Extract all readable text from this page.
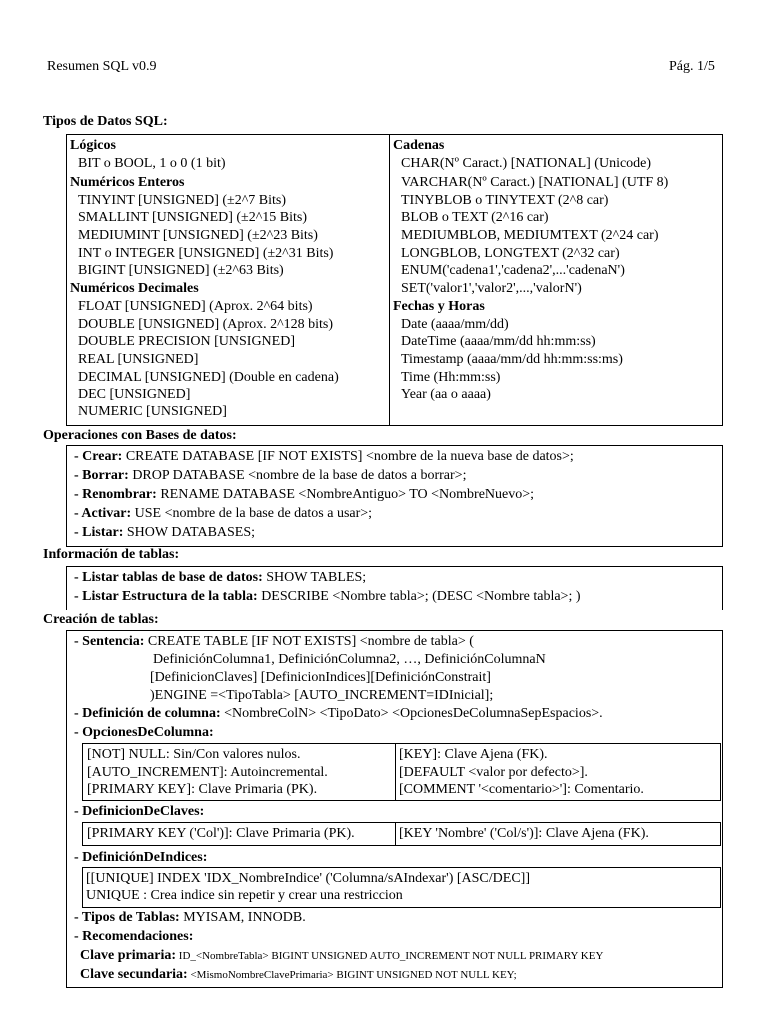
Resumen SQL v0.9	Pág. 1/5
Tipos de Datos SQL:
Lógicos
BIT o BOOL, 1 o 0 (1 bit)
Numéricos Enteros
TINYINT [UNSIGNED] (±2^7 Bits)
SMALLINT [UNSIGNED] (±2^15 Bits)
MEDIUMINT [UNSIGNED] (±2^23 Bits)
INT o INTEGER [UNSIGNED] (±2^31 Bits)
BIGINT [UNSIGNED] (±2^63 Bits)
Numéricos Decimales
FLOAT [UNSIGNED] (Aprox. 2^64 bits)
DOUBLE [UNSIGNED] (Aprox. 2^128 bits)
DOUBLE PRECISION [UNSIGNED]
REAL [UNSIGNED]
DECIMAL [UNSIGNED] (Double en cadena)
DEC [UNSIGNED]
NUMERIC [UNSIGNED]
Cadenas
CHAR(Nº Caract.) [NATIONAL] (Unicode)
VARCHAR(Nº Caract.) [NATIONAL] (UTF 8)
TINYBLOB o TINYTEXT (2^8 car)
BLOB o TEXT (2^16 car)
MEDIUMBLOB, MEDIUMTEXT (2^24 car)
LONGBLOB, LONGTEXT (2^32 car)
ENUM('cadena1','cadena2',...'cadenaN')
SET('valor1','valor2',...,'valorN')
Fechas y Horas
Date (aaaa/mm/dd)
DateTime (aaaa/mm/dd hh:mm:ss)
Timestamp (aaaa/mm/dd hh:mm:ss:ms)
Time (Hh:mm:ss)
Year (aa o aaaa)
Operaciones con Bases de datos:
- Crear: CREATE DATABASE [IF NOT EXISTS] <nombre de la nueva base de datos>;
- Borrar: DROP DATABASE <nombre de la base de datos a borrar>;
- Renombrar: RENAME DATABASE <NombreAntiguo> TO <NombreNuevo>;
- Activar: USE <nombre de la base de datos a usar>;
- Listar: SHOW DATABASES;
Información de tablas:
- Listar tablas de base de datos: SHOW TABLES;
- Listar Estructura de la tabla: DESCRIBE <Nombre tabla>; (DESC <Nombre tabla>; )
Creación de tablas:
- Sentencia: CREATE TABLE [IF NOT EXISTS] <nombre de tabla> (
DefiniciónColumna1, DefiniciónColumna2, …, DefiniciónColumnaN
[DefinicionClaves] [DefinicionIndices][DefiniciónConstrait]
)ENGINE =<TipoTabla> [AUTO_INCREMENT=IDInicial];
- Definición de columna: <NombreColN> <TipoDato> <OpcionesDeColumnaSepEspacios>.
- OpcionesDeColumna:
[NOT] NULL: Sin/Con valores nulos.
[AUTO_INCREMENT]: Autoincremental.
[PRIMARY KEY]: Clave Primaria (PK).
[KEY]: Clave Ajena (FK).
[DEFAULT <valor por defecto>].
[COMMENT '<comentario>']: Comentario.
- DefinicionDeClaves:
[PRIMARY KEY ('Col')]: Clave Primaria (PK).	[KEY 'Nombre' ('Col/s')]: Clave Ajena (FK).
- DefiniciónDeIndices:
[[UNIQUE] INDEX 'IDX_NombreIndice' ('Columna/sAIndexar') [ASC/DEC]]
UNIQUE : Crea indice sin repetir y crear una restriccion
- Tipos de Tablas: MYISAM, INNODB.
- Recomendaciones:
Clave primaria: ID_<NombreTabla> BIGINT UNSIGNED AUTO_INCREMENT NOT NULL PRIMARY KEY
Clave secundaria: <MismoNombreClavePrimaria> BIGINT UNSIGNED NOT NULL KEY;
